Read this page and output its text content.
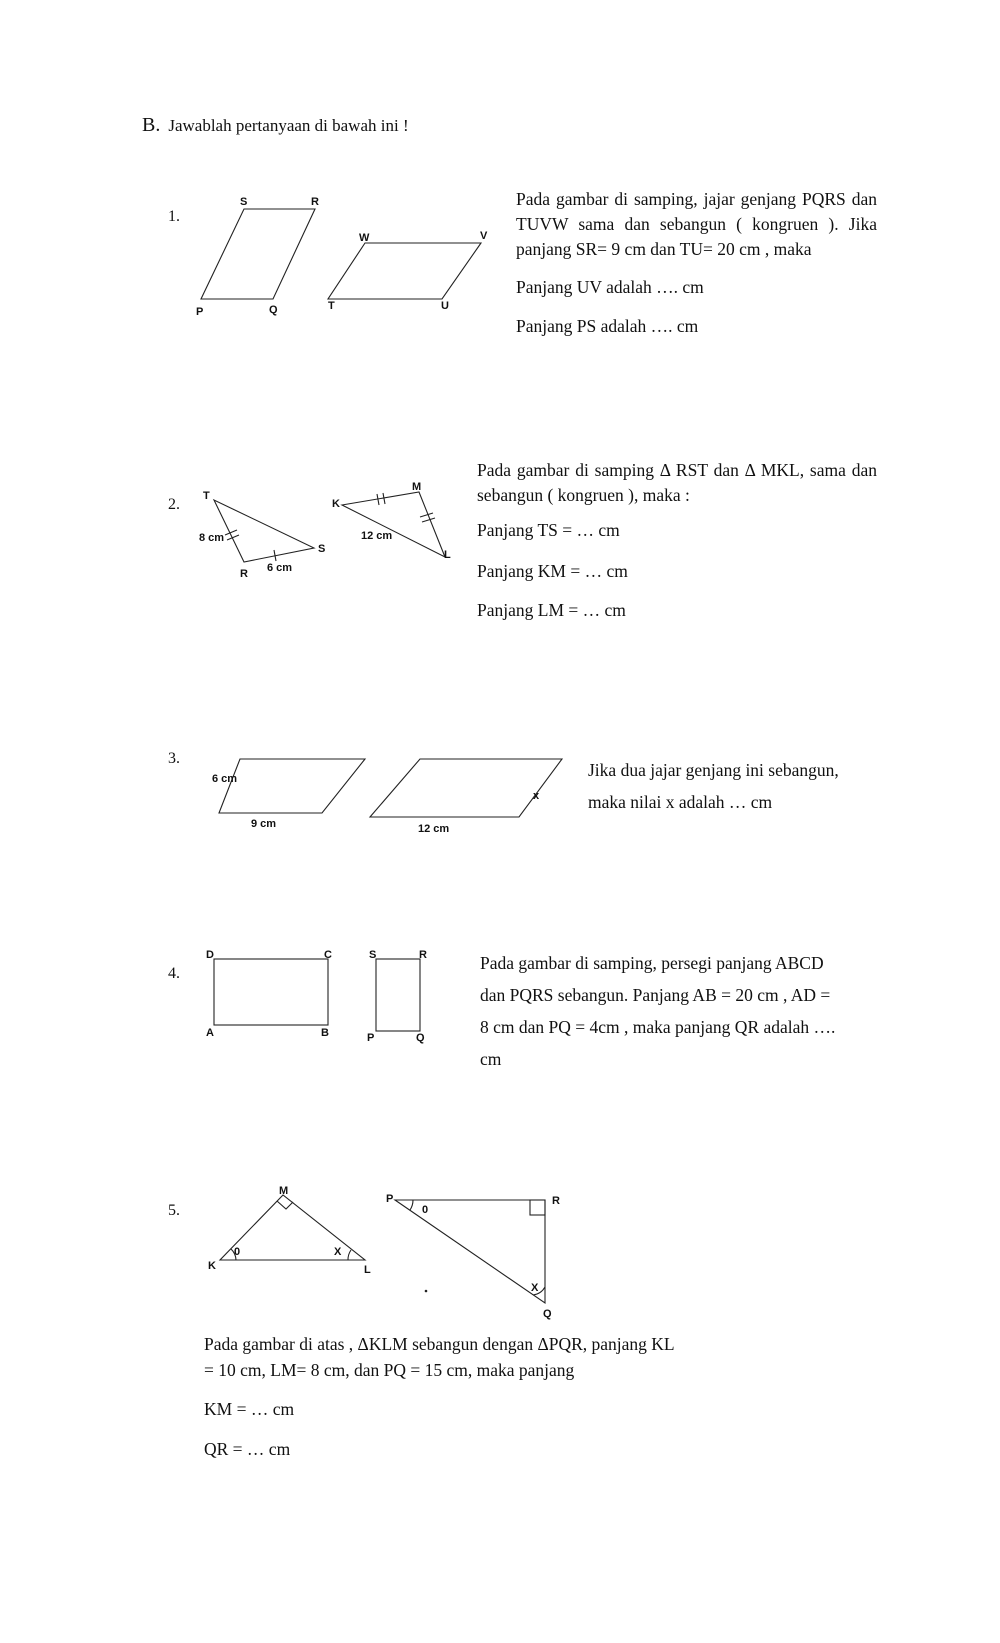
B. Jawablah pertanyaan di bawah ini !
1.
S	R
P	Q
W	V
T	U
Pada gambar di samping, jajar genjang PQRS dan TUVW sama dan sebangun ( kongruen ). Jika panjang SR= 9 cm dan TU= 20 cm , maka
Panjang UV adalah …. cm
Panjang PS adalah …. cm
2. T
R
S
K
M
L
8 cm
6 cm
12 cm
Pada gambar di samping Δ RST dan Δ MKL, sama dan sebangun ( kongruen ), maka :
Panjang TS = … cm
Panjang KM = … cm
Panjang LM = … cm
3.
6 cm
9 cm	12 cm
x
Jika dua jajar genjang ini sebangun,
maka nilai x adalah … cm
4.
D	C
A	B
S	R
P	Q
Pada gambar di samping, persegi panjang ABCD
dan PQRS sebangun. Panjang AB = 20 cm , AD =
8 cm dan PQ = 4cm , maka panjang QR adalah ….
cm
5.
M
K	L
0	X
P	R
Q
0
X
Pada gambar di atas , ΔKLM sebangun dengan ΔPQR, panjang KL
= 10 cm, LM= 8 cm, dan PQ = 15 cm, maka panjang
KM = … cm
QR = … cm
